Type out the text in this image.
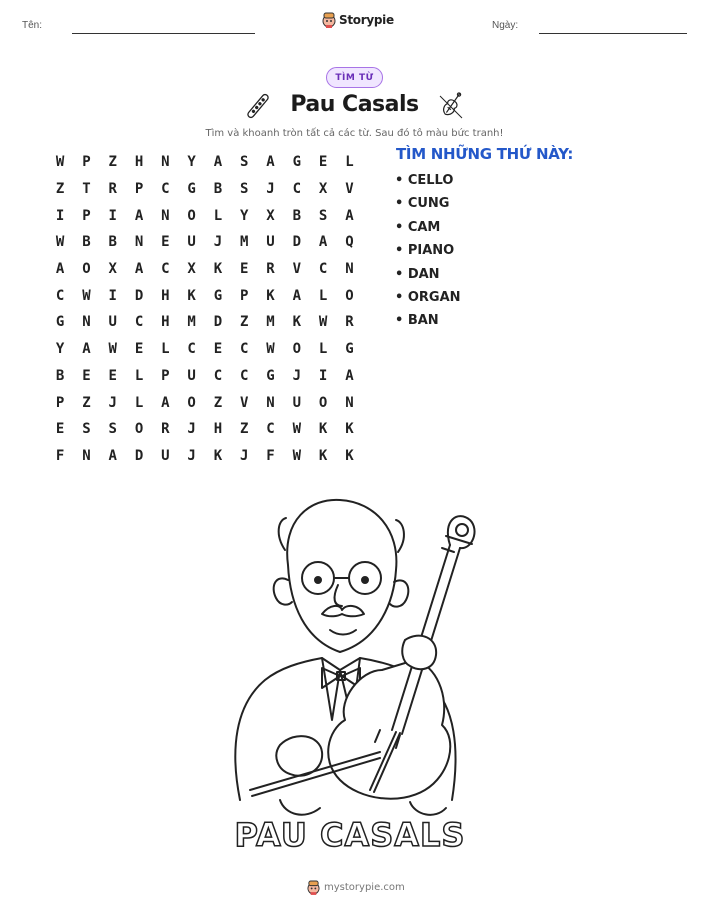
Tên:	Ngày:
Storypie
TÌM TỪ
Pau Casals
Tìm và khoanh tròn tất cả các từ. Sau đó tô màu bức tranh!
W	P	Z	H	N	Y	A	S	A	G	E	L
Z	T	R	P	C	G	B	S	J	C	X	V
I	P	I	A	N	O	L	Y	X	B	S	A
W	B	B	N	E	U	J	M	U	D	A	Q
A	O	X	A	C	X	K	E	R	V	C	N
C	W	I	D	H	K	G	P	K	A	L	O
G	N	U	C	H	M	D	Z	M	K	W	R
Y	A	W	E	L	C	E	C	W	O	L	G
B	E	E	L	P	U	C	C	G	J	I	A
P	Z	J	L	A	O	Z	V	N	U	O	N
E	S	S	O	R	J	H	Z	C	W	K	K
F	N	A	D	U	J	K	J	F	W	K	K
TÌM NHỮNG THỨ NÀY:
• CELLO
• CUNG
• CAM
• PIANO
• DAN
• ORGAN
• BAN
PAU CASALS
mystorypie.com
